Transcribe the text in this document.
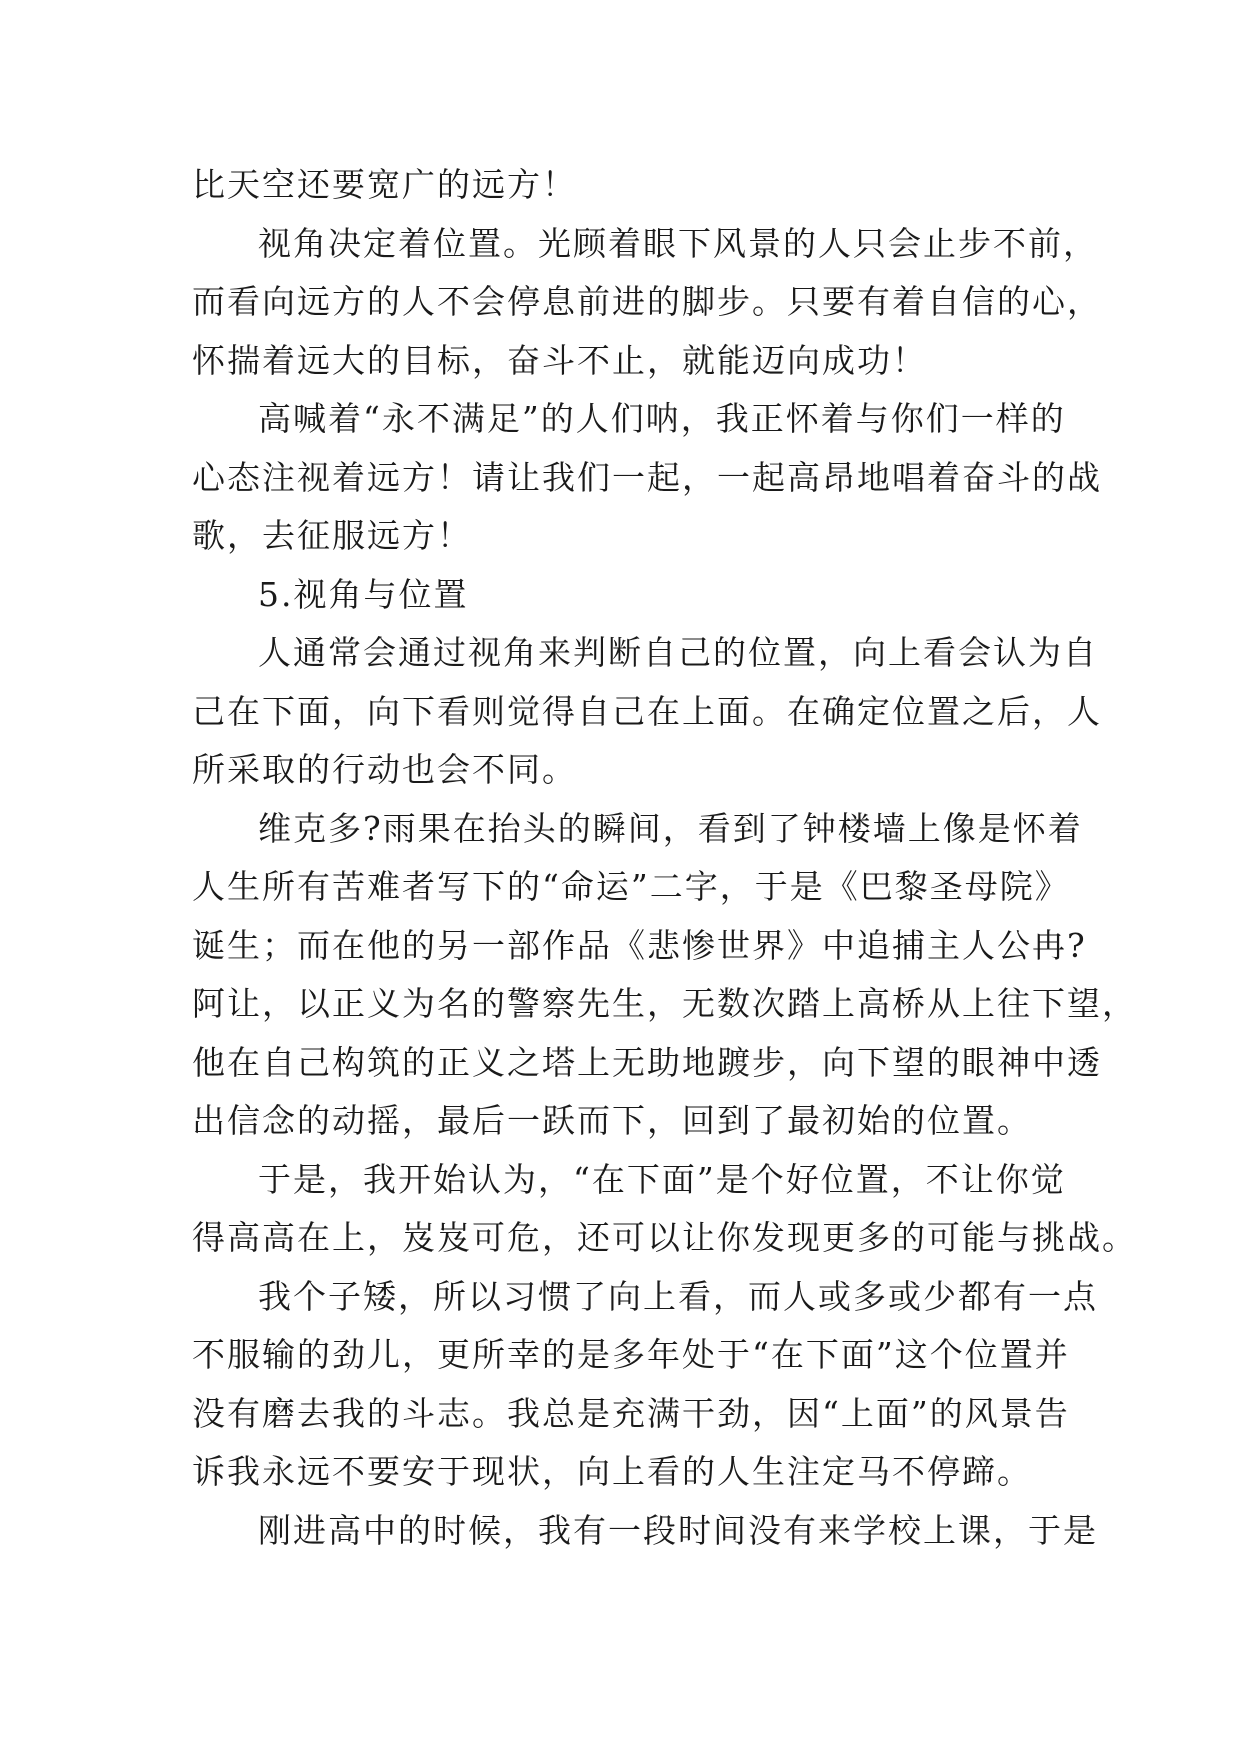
比天空还要宽广的远方！
视角决定着位置。光顾着眼下风景的人只会止步不前，
而看向远方的人不会停息前进的脚步。只要有着自信的心，
怀揣着远大的目标，奋斗不止，就能迈向成功！
高喊着“永不满足”的人们呐，我正怀着与你们一样的
心态注视着远方！请让我们一起，一起高昂地唱着奋斗的战
歌，去征服远方！
5.视角与位置
人通常会通过视角来判断自己的位置，向上看会认为自
己在下面，向下看则觉得自己在上面。在确定位置之后，人
所采取的行动也会不同。
维克多?雨果在抬头的瞬间，看到了钟楼墙上像是怀着
人生所有苦难者写下的“命运”二字，于是《巴黎圣母院》
诞生；而在他的另一部作品《悲惨世界》中追捕主人公冉?
阿让，以正义为名的警察先生，无数次踏上高桥从上往下望，
他在自己构筑的正义之塔上无助地踱步，向下望的眼神中透
出信念的动摇，最后一跃而下，回到了最初始的位置。
于是，我开始认为，“在下面”是个好位置，不让你觉
得高高在上，岌岌可危，还可以让你发现更多的可能与挑战。
我个子矮，所以习惯了向上看，而人或多或少都有一点
不服输的劲儿，更所幸的是多年处于“在下面”这个位置并
没有磨去我的斗志。我总是充满干劲，因“上面”的风景告
诉我永远不要安于现状，向上看的人生注定马不停蹄。
刚进高中的时候，我有一段时间没有来学校上课，于是
